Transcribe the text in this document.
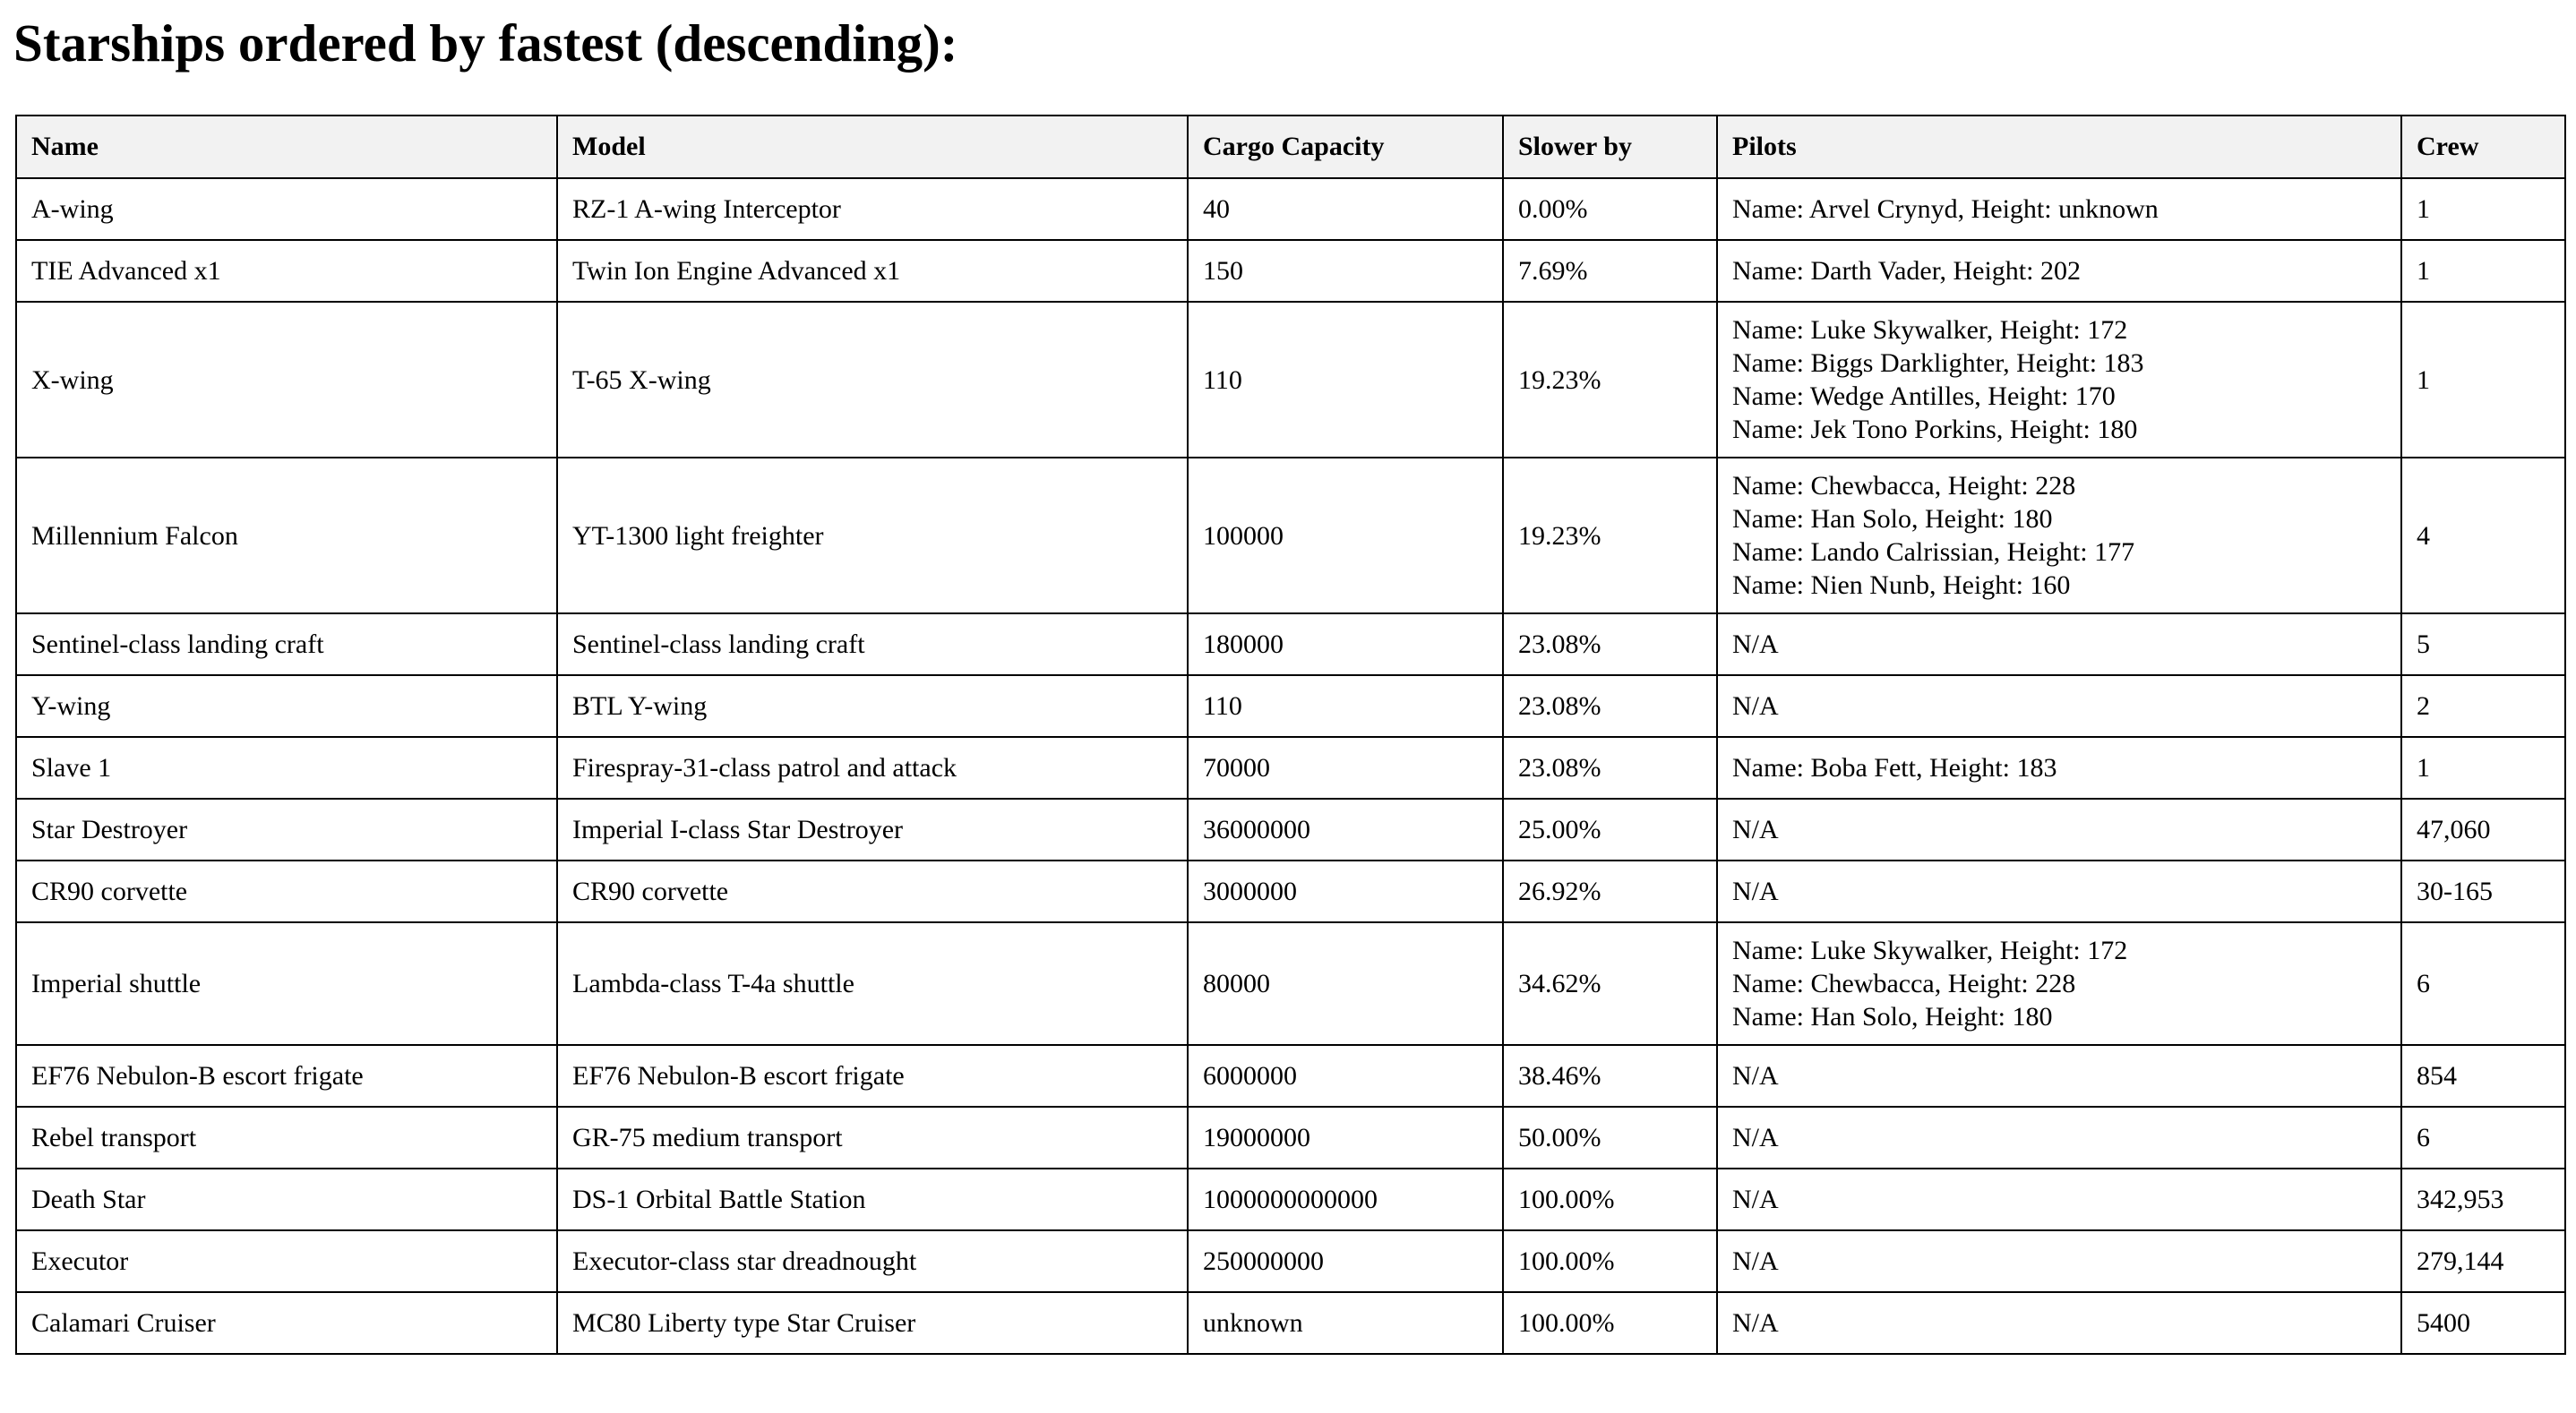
Starships ordered by fastest (descending):
Name	Model	Cargo Capacity	Slower by	Pilots	Crew
A-wing	RZ-1 A-wing Interceptor	40	0.00%	Name: Arvel Crynyd, Height: unknown	1
TIE Advanced x1	Twin Ion Engine Advanced x1	150	7.69%	Name: Darth Vader, Height: 202	1
X-wing	T-65 X-wing	110	19.23%	Name: Luke Skywalker, Height: 172
Name: Biggs Darklighter, Height: 183
Name: Wedge Antilles, Height: 170
Name: Jek Tono Porkins, Height: 180	1
Millennium Falcon	YT-1300 light freighter	100000	19.23%	Name: Chewbacca, Height: 228
Name: Han Solo, Height: 180
Name: Lando Calrissian, Height: 177
Name: Nien Nunb, Height: 160	4
Sentinel-class landing craft	Sentinel-class landing craft	180000	23.08%	N/A	5
Y-wing	BTL Y-wing	110	23.08%	N/A	2
Slave 1	Firespray-31-class patrol and attack	70000	23.08%	Name: Boba Fett, Height: 183	1
Star Destroyer	Imperial I-class Star Destroyer	36000000	25.00%	N/A	47,060
CR90 corvette	CR90 corvette	3000000	26.92%	N/A	30-165
Imperial shuttle	Lambda-class T-4a shuttle	80000	34.62%	Name: Luke Skywalker, Height: 172
Name: Chewbacca, Height: 228
Name: Han Solo, Height: 180	6
EF76 Nebulon-B escort frigate	EF76 Nebulon-B escort frigate	6000000	38.46%	N/A	854
Rebel transport	GR-75 medium transport	19000000	50.00%	N/A	6
Death Star	DS-1 Orbital Battle Station	1000000000000	100.00%	N/A	342,953
Executor	Executor-class star dreadnought	250000000	100.00%	N/A	279,144
Calamari Cruiser	MC80 Liberty type Star Cruiser	unknown	100.00%	N/A	5400
